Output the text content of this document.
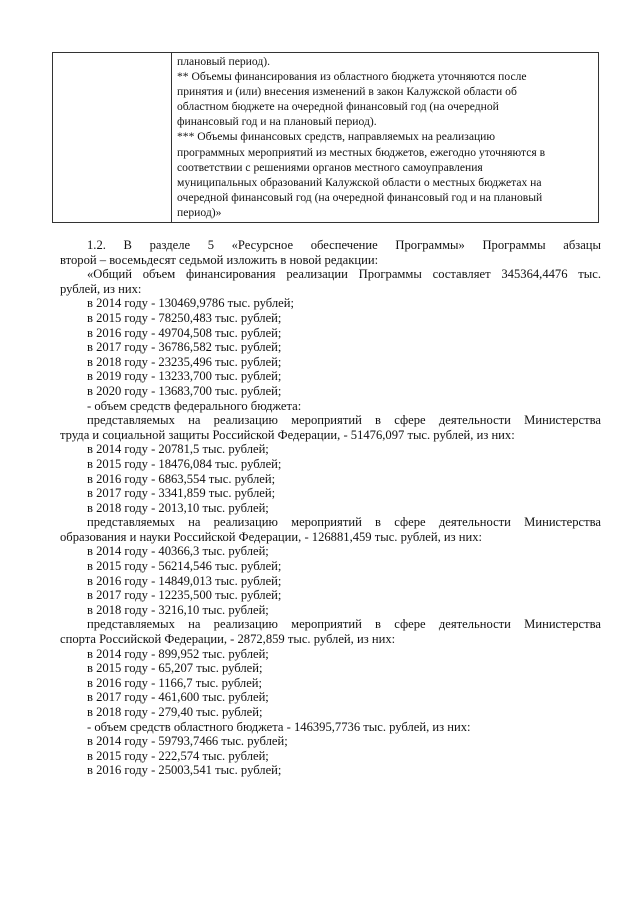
плановый период).

** Объемы финансирования из областного бюджета уточняются после

принятия и (или) внесения изменений в закон Калужской области об

областном бюджете на очередной финансовый год (на очередной

финансовый год и на плановый период).

*** Объемы финансовых средств, направляемых на реализацию

программных мероприятий из местных бюджетов, ежегодно уточняются в

соответствии с решениями органов местного самоуправления

муниципальных образований Калужской области о местных бюджетах на

очередной финансовый год (на очередной финансовый год и на плановый

период)»

1.2. В разделе 5 «Ресурсное обеспечение Программы» Программы абзацы

второй – восемьдесят седьмой изложить в новой редакции:

«Общий объем финансирования реализации Программы составляет 345364,4476 тыс.

рублей, из них:

в 2014 году - 130469,9786 тыс. рублей;

в 2015 году - 78250,483 тыс. рублей;

в 2016 году - 49704,508 тыс. рублей;

в 2017 году - 36786,582 тыс. рублей;

в 2018 году - 23235,496 тыс. рублей;

в 2019 году - 13233,700 тыс. рублей;

в 2020 году - 13683,700 тыс. рублей;

- объем средств федерального бюджета:

представляемых на реализацию мероприятий в сфере деятельности Министерства

труда и социальной защиты Российской Федерации, - 51476,097 тыс. рублей, из них:

в 2014 году - 20781,5 тыс. рублей;

в 2015 году - 18476,084 тыс. рублей;

в 2016 году - 6863,554 тыс. рублей;

в 2017 году - 3341,859 тыс. рублей;

в 2018 году - 2013,10 тыс. рублей;

представляемых на реализацию мероприятий в сфере деятельности Министерства

образования и науки Российской Федерации, - 126881,459 тыс. рублей, из них:

в 2014 году - 40366,3 тыс. рублей;

в 2015 году - 56214,546 тыс. рублей;

в 2016 году - 14849,013 тыс. рублей;

в 2017 году - 12235,500 тыс. рублей;

в 2018 году - 3216,10 тыс. рублей;

представляемых на реализацию мероприятий в сфере деятельности Министерства

спорта Российской Федерации, - 2872,859 тыс. рублей, из них:

в 2014 году - 899,952 тыс. рублей;

в 2015 году - 65,207 тыс. рублей;

в 2016 году - 1166,7 тыс. рублей;

в 2017 году - 461,600 тыс. рублей;

в 2018 году - 279,40 тыс. рублей;

- объем средств областного бюджета - 146395,7736 тыс. рублей, из них:

в 2014 году - 59793,7466 тыс. рублей;

в 2015 году - 222,574 тыс. рублей;

в 2016 году - 25003,541 тыс. рублей;
